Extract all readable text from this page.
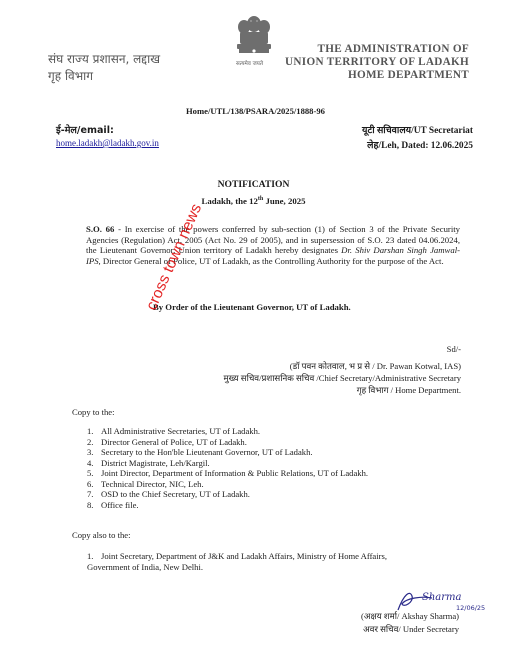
संघ राज्य प्रशासन, लद्दाख
गृह विभाग
सत्यमेव जयते
THE ADMINISTRATION OF
UNION TERRITORY OF LADAKH
HOME DEPARTMENT
Home/UTL/138/PSARA/2025/1888-96
ई-मेल/email:
home.ladakh@ladakh.gov.in
यूटी सचिवालय/UT Secretariat
लेह/Leh, Dated: 12.06.2025
NOTIFICATION
Ladakh, the 12th June, 2025
S.O. 66 - In exercise of the powers conferred by sub-section (1) of Section 3 of the Private Security Agencies (Regulation) Act, 2005 (Act No. 29 of 2005), and in supersession of S.O. 23 dated 04.06.2024, the Lieutenant Governor, Union territory of Ladakh hereby designates Dr. Shiv Darshan Singh Jamwal-IPS, Director General of Police, UT of Ladakh, as the Controlling Authority for the purpose of the Act.
By Order of the Lieutenant Governor, UT of Ladakh.
Sd/-
(डॉ पवन कोतवाल, भ प्र से / Dr. Pawan Kotwal, IAS)
मुख्य सचिव/प्रशासनिक सचिव /Chief Secretary/Administrative Secretary
गृह विभाग / Home Department.
Copy to the:
1. All Administrative Secretaries, UT of Ladakh.
2. Director General of Police, UT of Ladakh.
3. Secretary to the Hon'ble Lieutenant Governor, UT of Ladakh.
4. District Magistrate, Leh/Kargil.
5. Joint Director, Department of Information & Public Relations, UT of Ladakh.
6. Technical Director, NIC, Leh.
7. OSD to the Chief Secretary, UT of Ladakh.
8. Office file.
Copy also to the:
1. Joint Secretary, Department of J&K and Ladakh Affairs, Ministry of Home Affairs, Government of India, New Delhi.
Sharma
12/06/25
(अक्षय शर्मा/ Akshay Sharma)
अवर सचिव/ Under Secretary
cross town news
